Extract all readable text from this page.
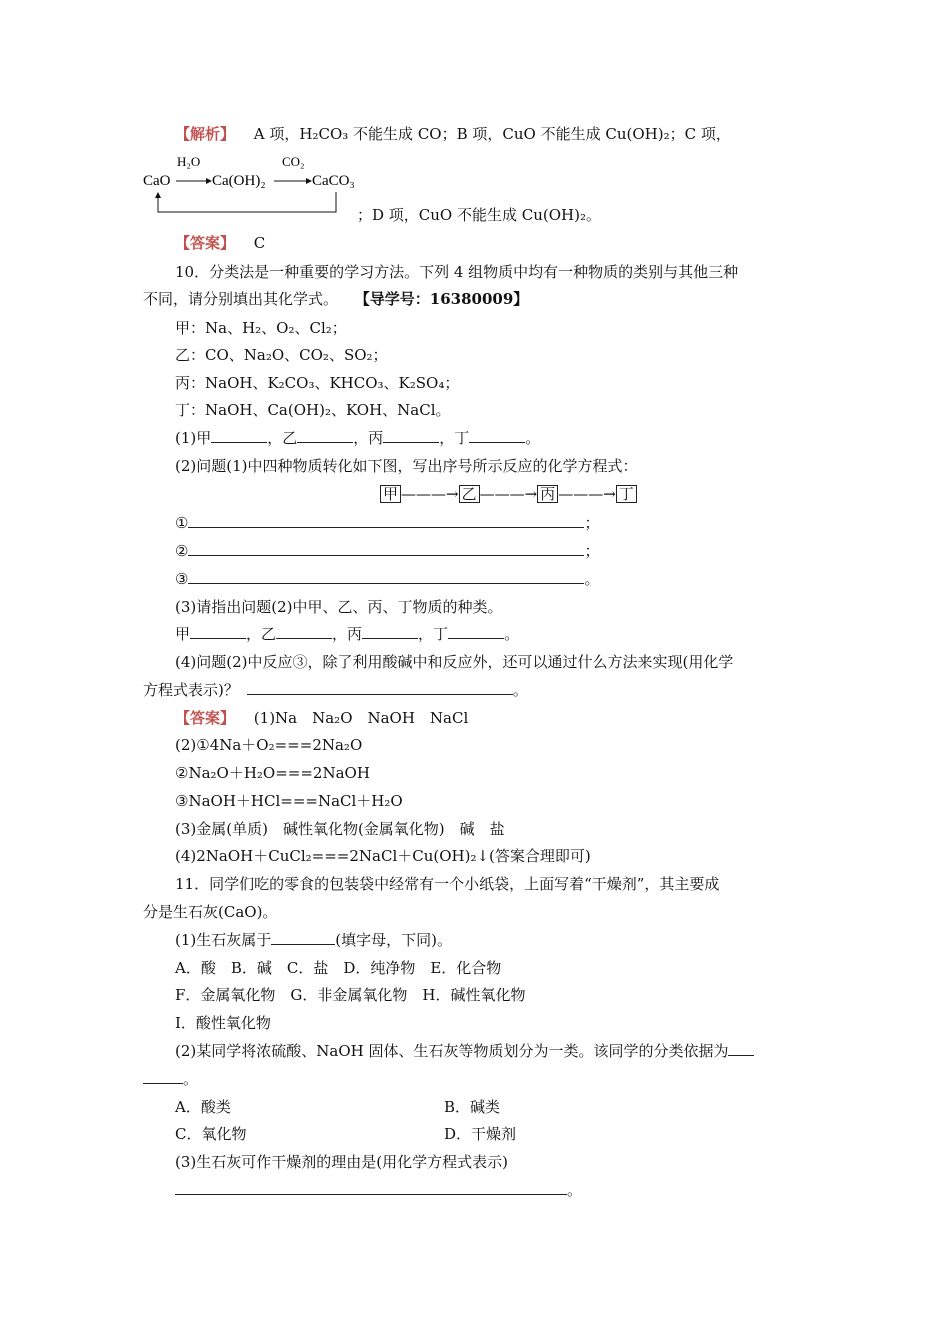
【解析】 A 项，H₂CO₃ 不能生成 CO；B 项，CuO 不能生成 Cu(OH)₂；C 项，
CaO
H₂O
Ca(OH)₂
CO₂
CaCO₃
；D 项，CuO 不能生成 Cu(OH)₂。
【答案】 C
10．分类法是一种重要的学习方法。下列 4 组物质中均有一种物质的类别与其他三种
不同，请分别填出其化学式。 【导学号：16380009】
甲：Na、H₂、O₂、Cl₂；
乙：CO、Na₂O、CO₂、SO₂；
丙：NaOH、K₂CO₃、KHCO₃、K₂SO₄；
丁：NaOH、Ca(OH)₂、KOH、NaCl。
(1)甲	，乙	，丙	，丁	。
(2)问题(1)中四种物质转化如下图，写出序号所示反应的化学方程式：
甲 ———→ 乙 ———→ 丙 ———→ 丁
①	；
②	；
③	。
(3)请指出问题(2)中甲、乙、丙、丁物质的种类。
甲	，乙	，丙	，丁	。
(4)问题(2)中反应③，除了利用酸碱中和反应外，还可以通过什么方法来实现(用化学
方程式表示)？	。
【答案】 (1)Na　Na₂O　NaOH　NaCl
(2)①4Na＋O₂===2Na₂O
②Na₂O＋H₂O===2NaOH
③NaOH＋HCl===NaCl＋H₂O
(3)金属(单质)　碱性氧化物(金属氧化物)　碱　盐
(4)2NaOH＋CuCl₂===2NaCl＋Cu(OH)₂↓(答案合理即可)
11．同学们吃的零食的包装袋中经常有一个小纸袋，上面写着“干燥剂”，其主要成
分是生石灰(CaO)。
(1)生石灰属于	(填字母，下同)。
A．酸　B．碱　C．盐　D．纯净物　E．化合物
F．金属氧化物　G．非金属氧化物　H．碱性氧化物
I．酸性氧化物
(2)某同学将浓硫酸、NaOH 固体、生石灰等物质划分为一类。该同学的分类依据为
。
A．酸类	B．碱类
C．氧化物	D．干燥剂
(3)生石灰可作干燥剂的理由是(用化学方程式表示)
。
